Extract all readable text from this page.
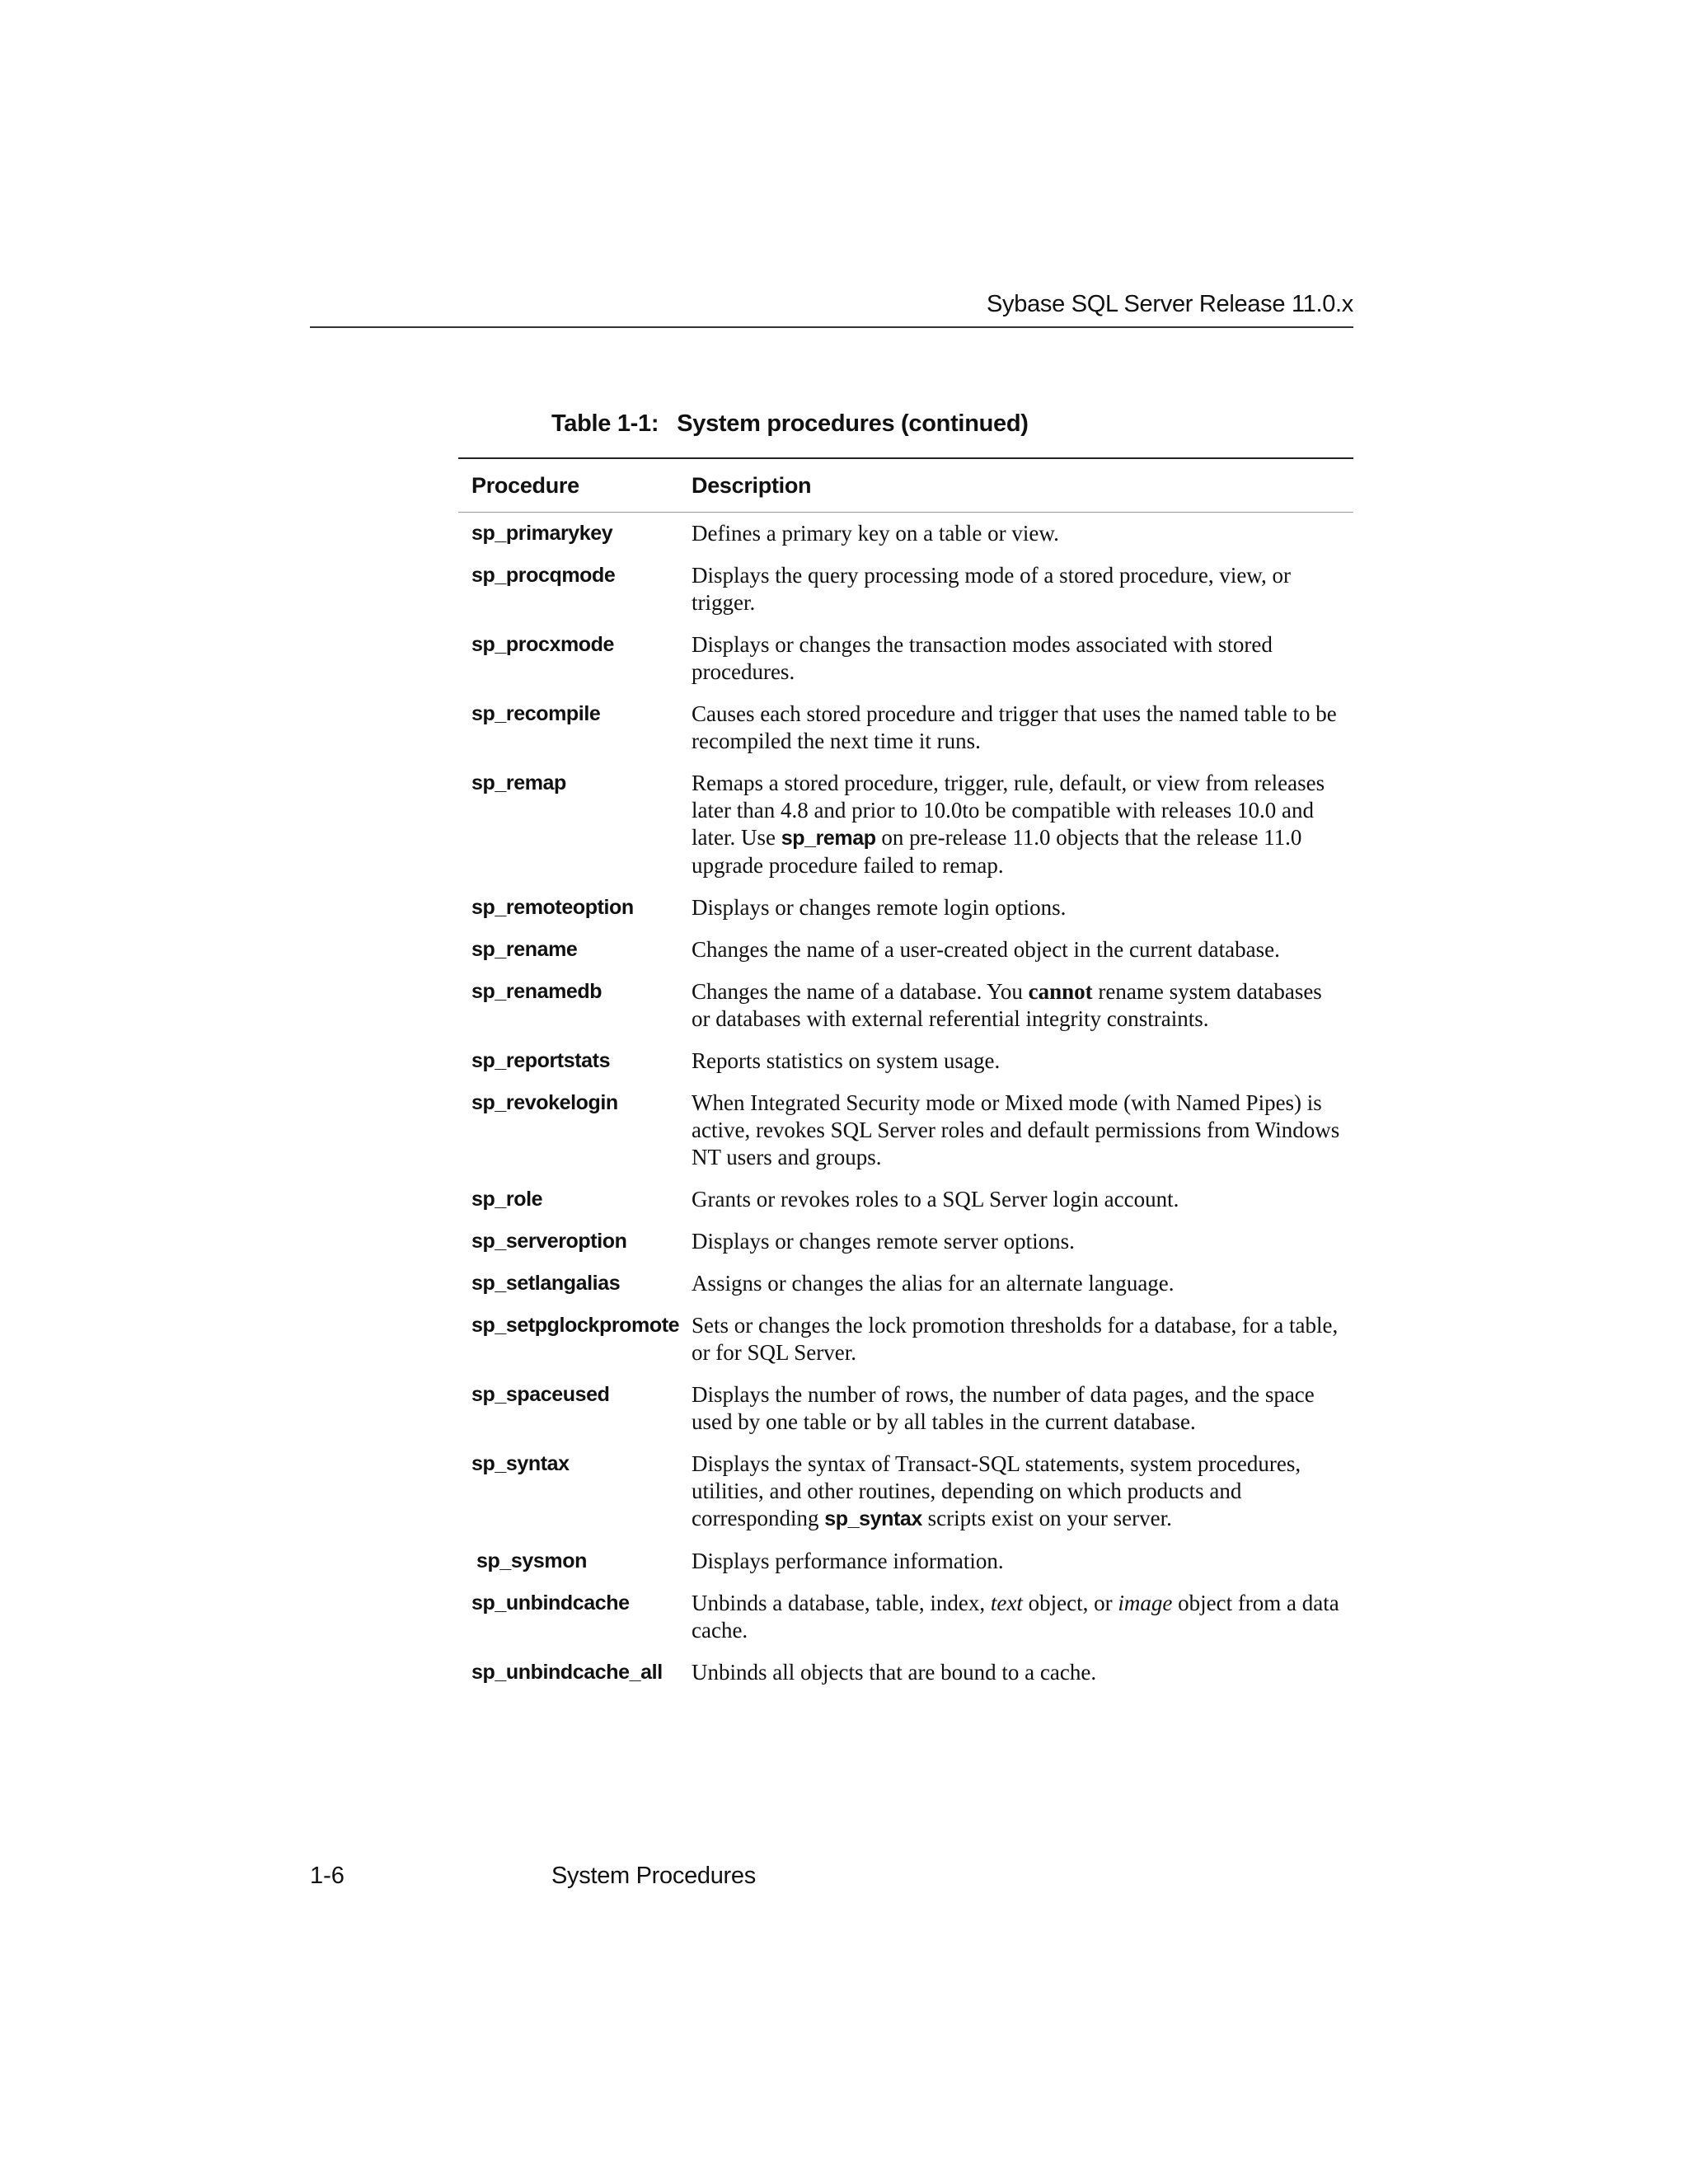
Sybase SQL Server Release 11.0.x
Table 1-1: System procedures (continued)
Procedure	Description
sp_primarykey	Defines a primary key on a table or view.
sp_procqmode	Displays the query processing mode of a stored procedure, view, or trigger.
sp_procxmode	Displays or changes the transaction modes associated with stored procedures.
sp_recompile	Causes each stored procedure and trigger that uses the named table to be recompiled the next time it runs.
sp_remap	Remaps a stored procedure, trigger, rule, default, or view from releases later than 4.8 and prior to 10.0to be compatible with releases 10.0 and later. Use sp_remap on pre-release 11.0 objects that the release 11.0 upgrade procedure failed to remap.
sp_remoteoption	Displays or changes remote login options.
sp_rename	Changes the name of a user-created object in the current database.
sp_renamedb	Changes the name of a database. You cannot rename system databases or databases with external referential integrity constraints.
sp_reportstats	Reports statistics on system usage.
sp_revokelogin	When Integrated Security mode or Mixed mode (with Named Pipes) is active, revokes SQL Server roles and default permissions from Windows NT users and groups.
sp_role	Grants or revokes roles to a SQL Server login account.
sp_serveroption	Displays or changes remote server options.
sp_setlangalias	Assigns or changes the alias for an alternate language.
sp_setpglockpromote Sets or changes the lock promotion thresholds for a database, for a table, or for SQL Server.
sp_spaceused	Displays the number of rows, the number of data pages, and the space used by one table or by all tables in the current database.
sp_syntax	Displays the syntax of Transact-SQL statements, system procedures, utilities, and other routines, depending on which products and corresponding sp_syntax scripts exist on your server.
sp_sysmon	Displays performance information.
sp_unbindcache	Unbinds a database, table, index, text object, or image object from a data cache.
sp_unbindcache_all	Unbinds all objects that are bound to a cache.
1-6	System Procedures
